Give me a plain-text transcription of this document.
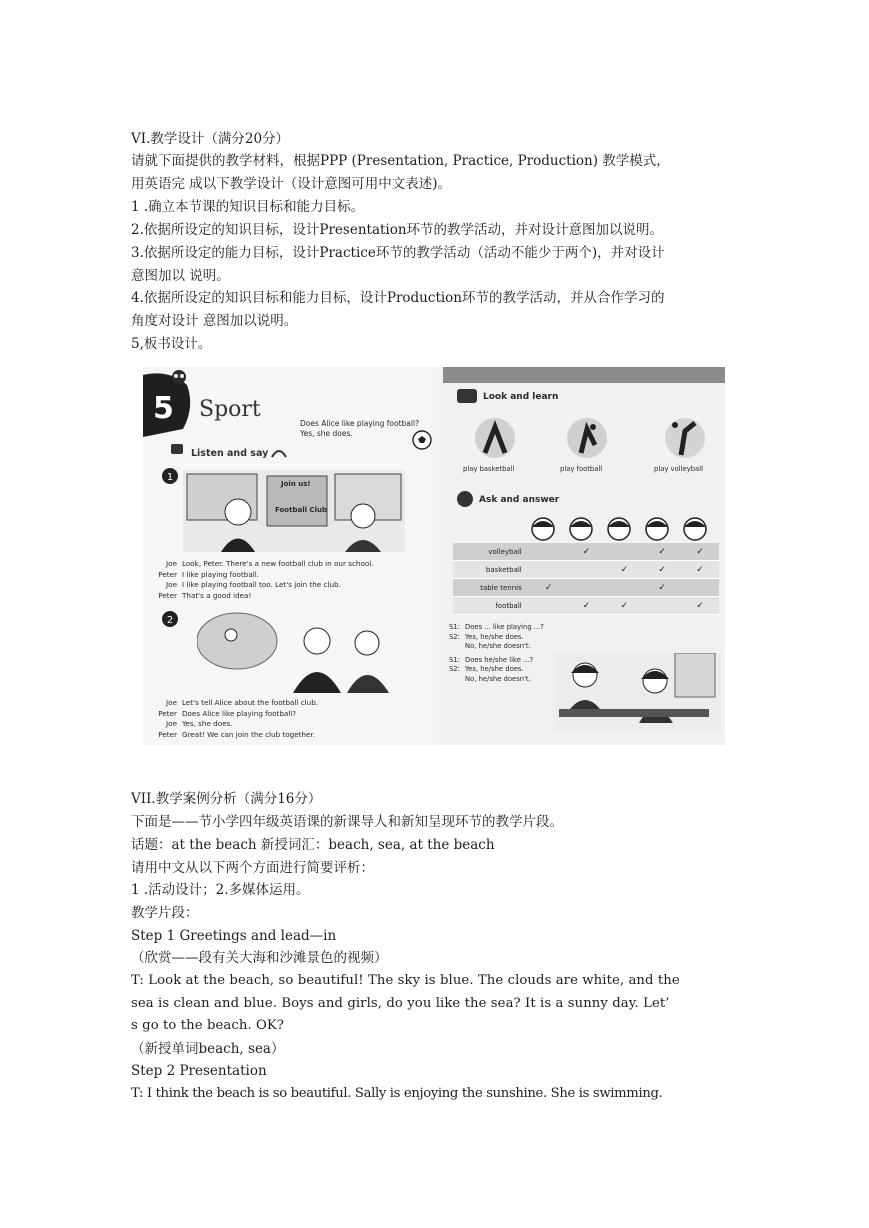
VI.教学设计（满分20分）
请就下面提供的教学材料，根据PPP (Presentation, Practice, Production) 教学模式，
用英语完 成以下教学设计（设计意图可用中文表述)。
1 .确立本节课的知识目标和能力目标。
2.依据所设定的知识目标，设计Presentation环节的教学活动，并对设计意图加以说明。
3.依据所设定的能力目标，设计Practice环节的教学活动（活动不能少于两个)，并对设计
意图加以 说明。
4.依据所设定的知识目标和能力目标，设计Production环节的教学活动，并从合作学习的
角度对设计 意图加以说明。
5,板书设计。
5 Sport
Does Alice like playing football?
Yes, she does.
Listen and say
1
Join us!
Football Club
Joe Look, Peter. There's a new football club in our school.
Peter I like playing football.
Joe I like playing football too. Let's join the club.
Peter That's a good idea!
2
Joe Let's tell Alice about the football club.
Peter Does Alice like playing football?
Joe Yes, she does.
Peter Great! We can join the club together.
Look and learn
play basketball	play football	play volleyball
Ask and answer
volleyball		✓		✓	✓
basketball			✓	✓	✓
table tennis	✓			✓	
football		✓	✓		✓
S1: Does ... like playing ...?
S2: Yes, he/she does.
No, he/she doesn't.
S1: Does he/she like ...?
S2: Yes, he/she does.
No, he/she doesn't.
VII.教学案例分析（满分16分）
下面是——节小学四年级英语课的新课导人和新知呈现环节的教学片段。
话题：at the beach 新授词汇：beach, sea, at the beach
请用中文从以下两个方面进行简要评析：
1 .活动设计；2.多媒体运用。
教学片段：
Step 1 Greetings and lead—in
（欣赏——段有关大海和沙滩景色的视频）
T: Look at the beach, so beautiful! The sky is blue. The clouds are white, and the
sea is clean and blue. Boys and girls, do you like the sea? It is a sunny day. Let’
s go to the beach. OK?
（新授单词beach, sea）
Step 2 Presentation
T: I think the beach is so beautiful. Sally is enjoying the sunshine. She is swimming.
